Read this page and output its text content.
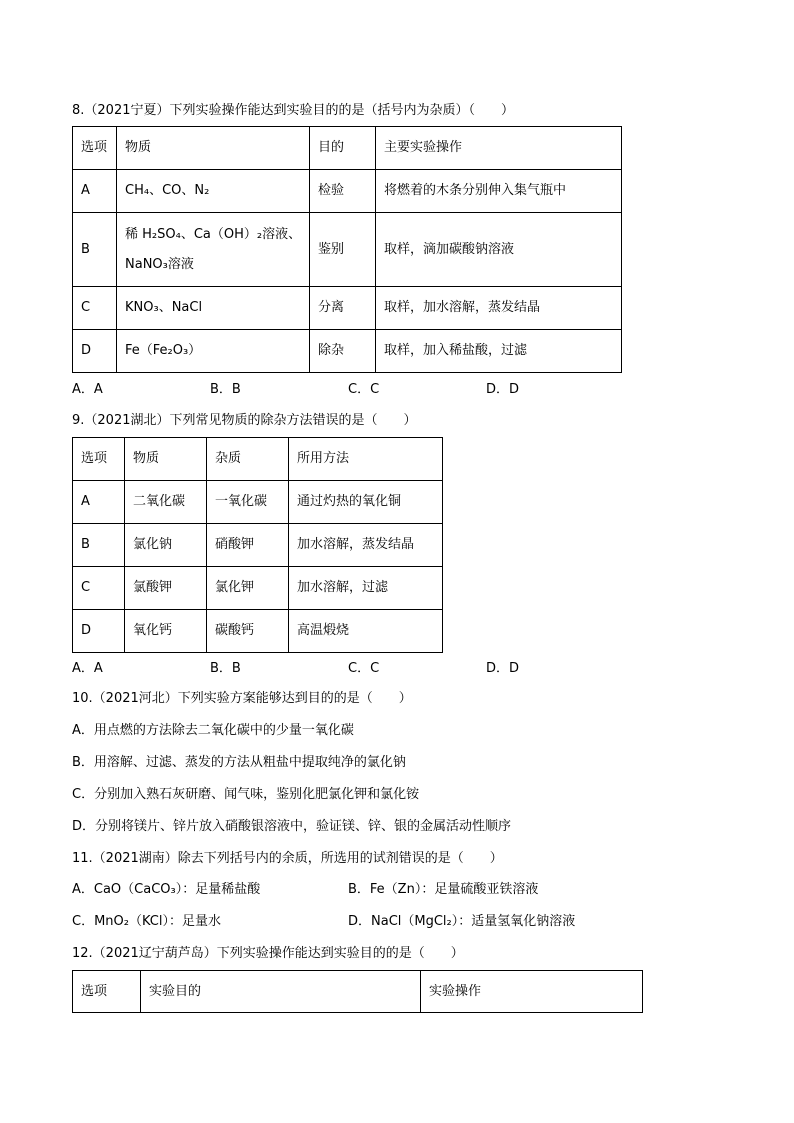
8.（2021宁夏）下列实验操作能达到实验目的的是（括号内为杂质）（　　）
选项	物质	目的	主要实验操作
A	CH₄、CO、N₂	检验	将燃着的木条分别伸入集气瓶中
B	稀 H₂SO₄、Ca（OH）₂溶液、
NaNO₃溶液	鉴别	取样，滴加碳酸钠溶液
C	KNO₃、NaCl	分离	取样，加水溶解，蒸发结晶
D	Fe（Fe₂O₃）	除杂	取样，加入稀盐酸，过滤
A．A	B．B	C．C	D．D
9.（2021湖北）下列常见物质的除杂方法错误的是（　　）
选项	物质	杂质	所用方法
A	二氧化碳	一氧化碳	通过灼热的氧化铜
B	氯化钠	硝酸钾	加水溶解，蒸发结晶
C	氯酸钾	氯化钾	加水溶解，过滤
D	氧化钙	碳酸钙	高温煅烧
A．A	B．B	C．C	D．D
10.（2021河北）下列实验方案能够达到目的的是（　　）
A．用点燃的方法除去二氧化碳中的少量一氧化碳
B．用溶解、过滤、蒸发的方法从粗盐中提取纯净的氯化钠
C．分别加入熟石灰研磨、闻气味，鉴别化肥氯化钾和氯化铵
D．分别将镁片、锌片放入硝酸银溶液中，验证镁、锌、银的金属活动性顺序
11.（2021湖南）除去下列括号内的余质，所选用的试剂错误的是（　　）
A．CaO（CaCO₃）：足量稀盐酸	B．Fe（Zn）：足量硫酸亚铁溶液
C．MnO₂（KCl）：足量水	D．NaCl（MgCl₂）：适量氢氧化钠溶液
12.（2021辽宁葫芦岛）下列实验操作能达到实验目的的是（　　）
选项	实验目的	实验操作
